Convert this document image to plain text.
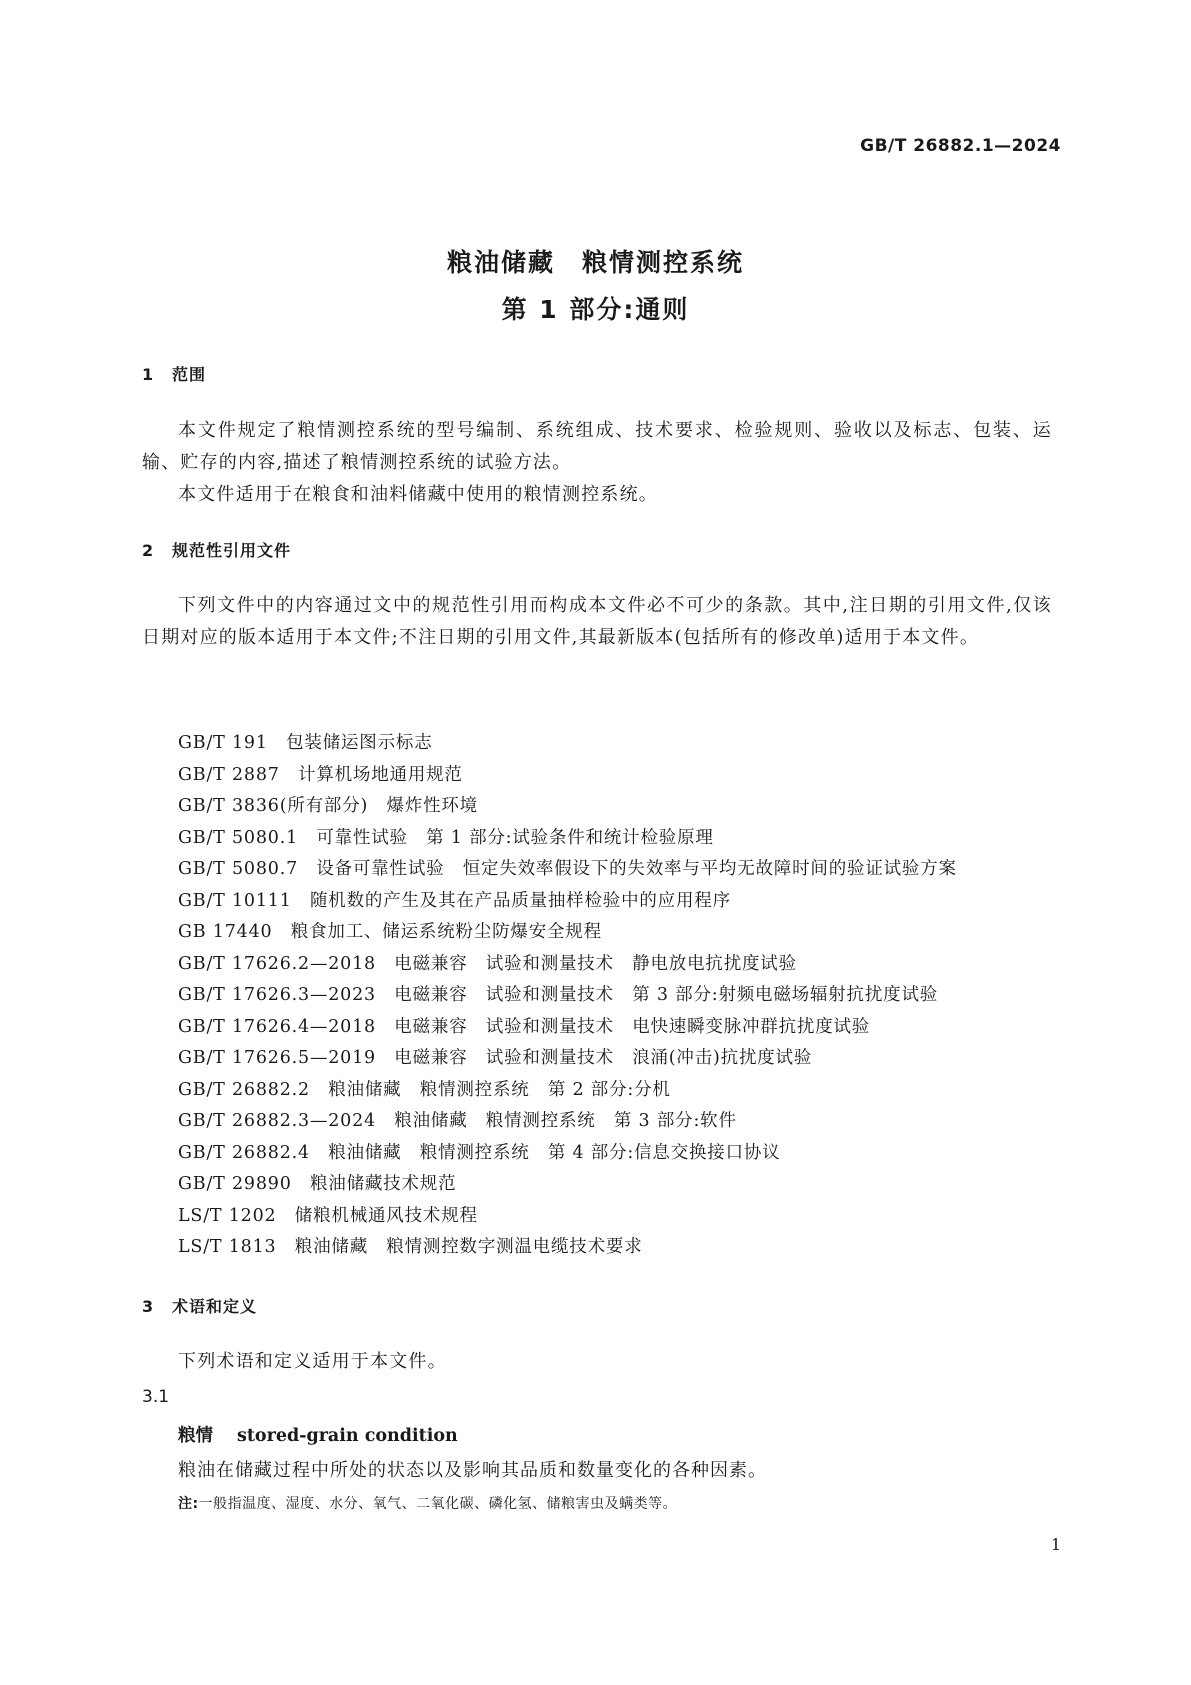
GB/T 26882.1—2024
粮油储藏　粮情测控系统
第 1 部分:通则
1 范围

本文件规定了粮情测控系统的型号编制、系统组成、技术要求、检验规则、验收以及标志、包装、运输、贮存的内容,描述了粮情测控系统的试验方法。

本文件适用于在粮食和油料储藏中使用的粮情测控系统。

2 规范性引用文件

下列文件中的内容通过文中的规范性引用而构成本文件必不可少的条款。其中,注日期的引用文件,仅该日期对应的版本适用于本文件;不注日期的引用文件,其最新版本(包括所有的修改单)适用于本文件。

GB/T 191　 包装储运图示标志
GB/T 2887　 计算机场地通用规范
GB/T 3836(所有部分)　 爆炸性环境
GB/T 5080.1　 可靠性试验　第 1 部分:试验条件和统计检验原理
GB/T 5080.7　 设备可靠性试验　恒定失效率假设下的失效率与平均无故障时间的验证试验方案
GB/T 10111　 随机数的产生及其在产品质量抽样检验中的应用程序
GB 17440　 粮食加工、储运系统粉尘防爆安全规程
GB/T 17626.2—2018　 电磁兼容　试验和测量技术　静电放电抗扰度试验
GB/T 17626.3—2023　 电磁兼容　试验和测量技术　第 3 部分:射频电磁场辐射抗扰度试验
GB/T 17626.4—2018　 电磁兼容　试验和测量技术　电快速瞬变脉冲群抗扰度试验
GB/T 17626.5—2019　 电磁兼容　试验和测量技术　浪涌(冲击)抗扰度试验
GB/T 26882.2　 粮油储藏　粮情测控系统　第 2 部分:分机
GB/T 26882.3—2024　 粮油储藏　粮情测控系统　第 3 部分:软件
GB/T 26882.4　 粮油储藏　粮情测控系统　第 4 部分:信息交换接口协议
GB/T 29890　 粮油储藏技术规范
LS/T 1202　 储粮机械通风技术规程
LS/T 1813　 粮油储藏　粮情测控数字测温电缆技术要求
3 术语和定义

下列术语和定义适用于本文件。

3.1
粮情 stored-grain condition
粮油在储藏过程中所处的状态以及影响其品质和数量变化的各种因素。
注:一般指温度、湿度、水分、氧气、二氧化碳、磷化氢、储粮害虫及螨类等。
1
